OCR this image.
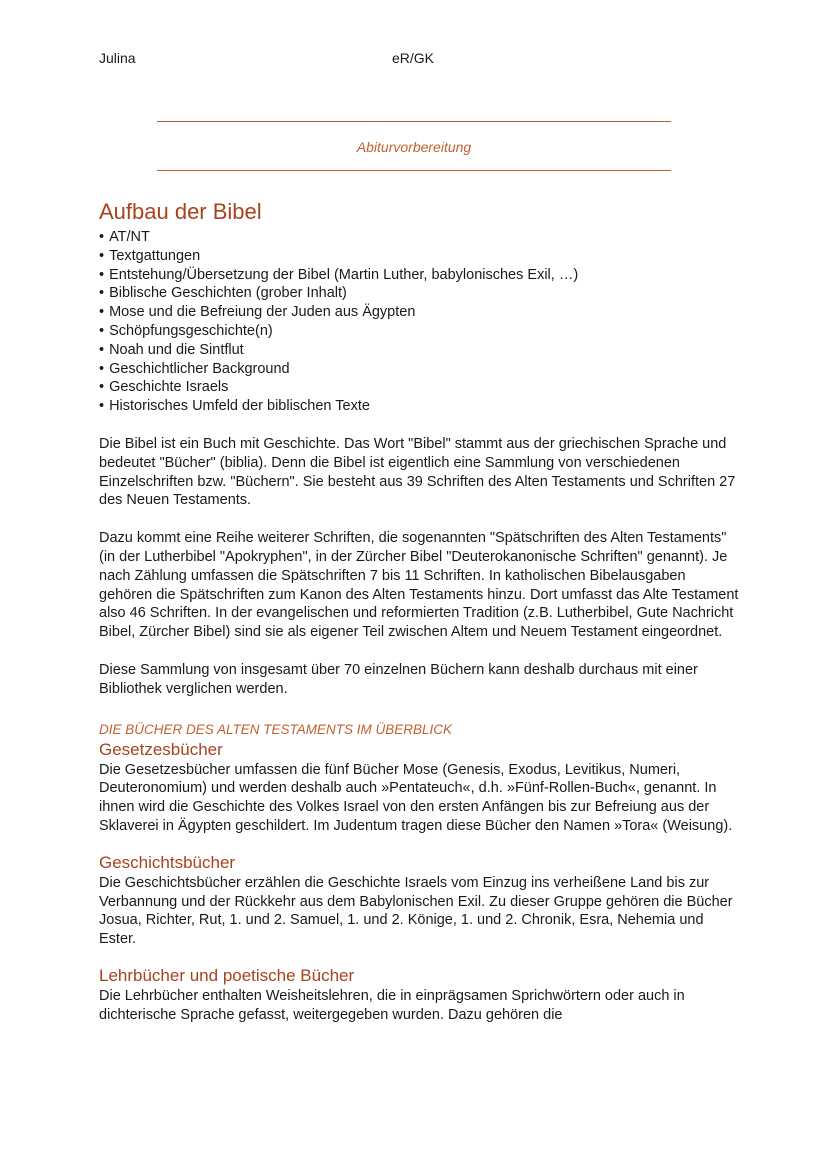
Julina	eR/GK
Abiturvorbereitung
Aufbau der Bibel
• AT/NT
• Textgattungen
• Entstehung/Übersetzung der Bibel (Martin Luther, babylonisches Exil, …)
• Biblische Geschichten (grober Inhalt)
• Mose und die Befreiung der Juden aus Ägypten
• Schöpfungsgeschichte(n)
• Noah und die Sintflut
• Geschichtlicher Background
• Geschichte Israels
• Historisches Umfeld der biblischen Texte

Die Bibel ist ein Buch mit Geschichte. Das Wort "Bibel" stammt aus der griechischen Sprache und bedeutet "Bücher" (biblia). Denn die Bibel ist eigentlich eine Sammlung von verschiedenen Einzelschriften bzw. "Büchern". Sie besteht aus 39 Schriften des Alten Testaments und Schriften 27 des Neuen Testaments.

Dazu kommt eine Reihe weiterer Schriften, die sogenannten "Spätschriften des Alten Testaments" (in der Lutherbibel "Apokryphen", in der Zürcher Bibel "Deuterokanonische Schriften" genannt). Je nach Zählung umfassen die Spätschriften 7 bis 11 Schriften. In katholischen Bibelausgaben gehören die Spätschriften zum Kanon des Alten Testaments hinzu. Dort umfasst das Alte Testament also 46 Schriften. In der evangelischen und reformierten Tradition (z.B. Lutherbibel, Gute Nachricht Bibel, Zürcher Bibel) sind sie als eigener Teil zwischen Altem und Neuem Testament eingeordnet.

Diese Sammlung von insgesamt über 70 einzelnen Büchern kann deshalb durchaus mit einer Bibliothek verglichen werden.

DIE BÜCHER DES ALTEN TESTAMENTS IM ÜBERBLICK
Gesetzesbücher

Die Gesetzesbücher umfassen die fünf Bücher Mose (Genesis, Exodus, Levitikus, Numeri, Deuteronomium) und werden deshalb auch »Pentateuch«, d.h. »Fünf-Rollen-Buch«, genannt. In ihnen wird die Geschichte des Volkes Israel von den ersten Anfängen bis zur Befreiung aus der Sklaverei in Ägypten geschildert. Im Judentum tragen diese Bücher den Namen »Tora« (Weisung).

Geschichtsbücher

Die Geschichtsbücher erzählen die Geschichte Israels vom Einzug ins verheißene Land bis zur Verbannung und der Rückkehr aus dem Babylonischen Exil. Zu dieser Gruppe gehören die Bücher Josua, Richter, Rut, 1. und 2. Samuel, 1. und 2. Könige, 1. und 2. Chronik, Esra, Nehemia und Ester.

Lehrbücher und poetische Bücher

Die Lehrbücher enthalten Weisheitslehren, die in einprägsamen Sprichwörtern oder auch in dichterische Sprache gefasst, weitergegeben wurden. Dazu gehören die
